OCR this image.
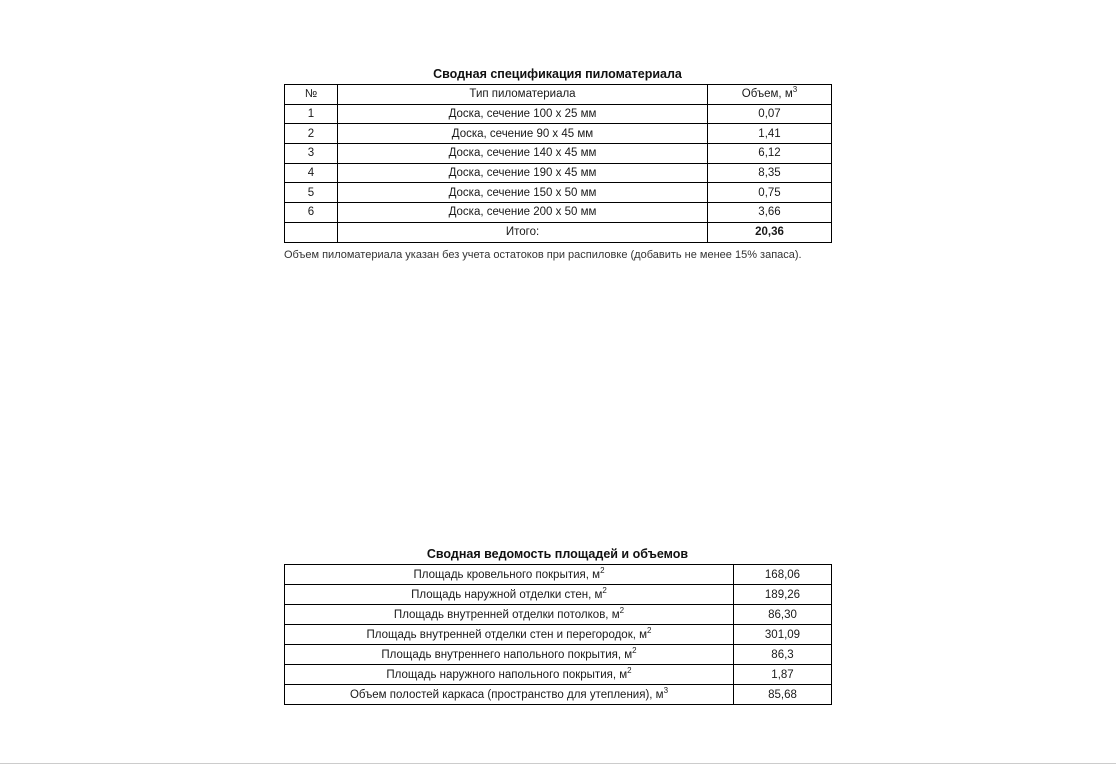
Сводная спецификация пиломатериала
№	Тип пиломатериала	Объем, $м^3$
1	Доска, сечение 100 x 25 мм	0,07
2	Доска, сечение 90 x 45 мм	1,41
3	Доска, сечение 140 x 45 мм	6,12
4	Доска, сечение 190 x 45 мм	8,35
5	Доска, сечение 150 x 50 мм	0,75
6	Доска, сечение 200 x 50 мм	3,66
	Итого:	20,36
Объем пиломатериала указан без учета остатоков при распиловке (добавить не менее 15% запаса).
Сводная ведомость площадей и объемов
Площадь кровельного покрытия, $м^2$	168,06
Площадь наружной отделки стен, $м^2$	189,26
Площадь внутренней отделки потолков, $м^2$	86,30
Площадь внутренней отделки стен и перегородок, $м^2$	301,09
Площадь внутреннего напольного покрытия, $м^2$	86,3
Площадь наружного напольного покрытия, $м^2$	1,87
Объем полостей каркаса (пространство для утепления), $м^3$	85,68
